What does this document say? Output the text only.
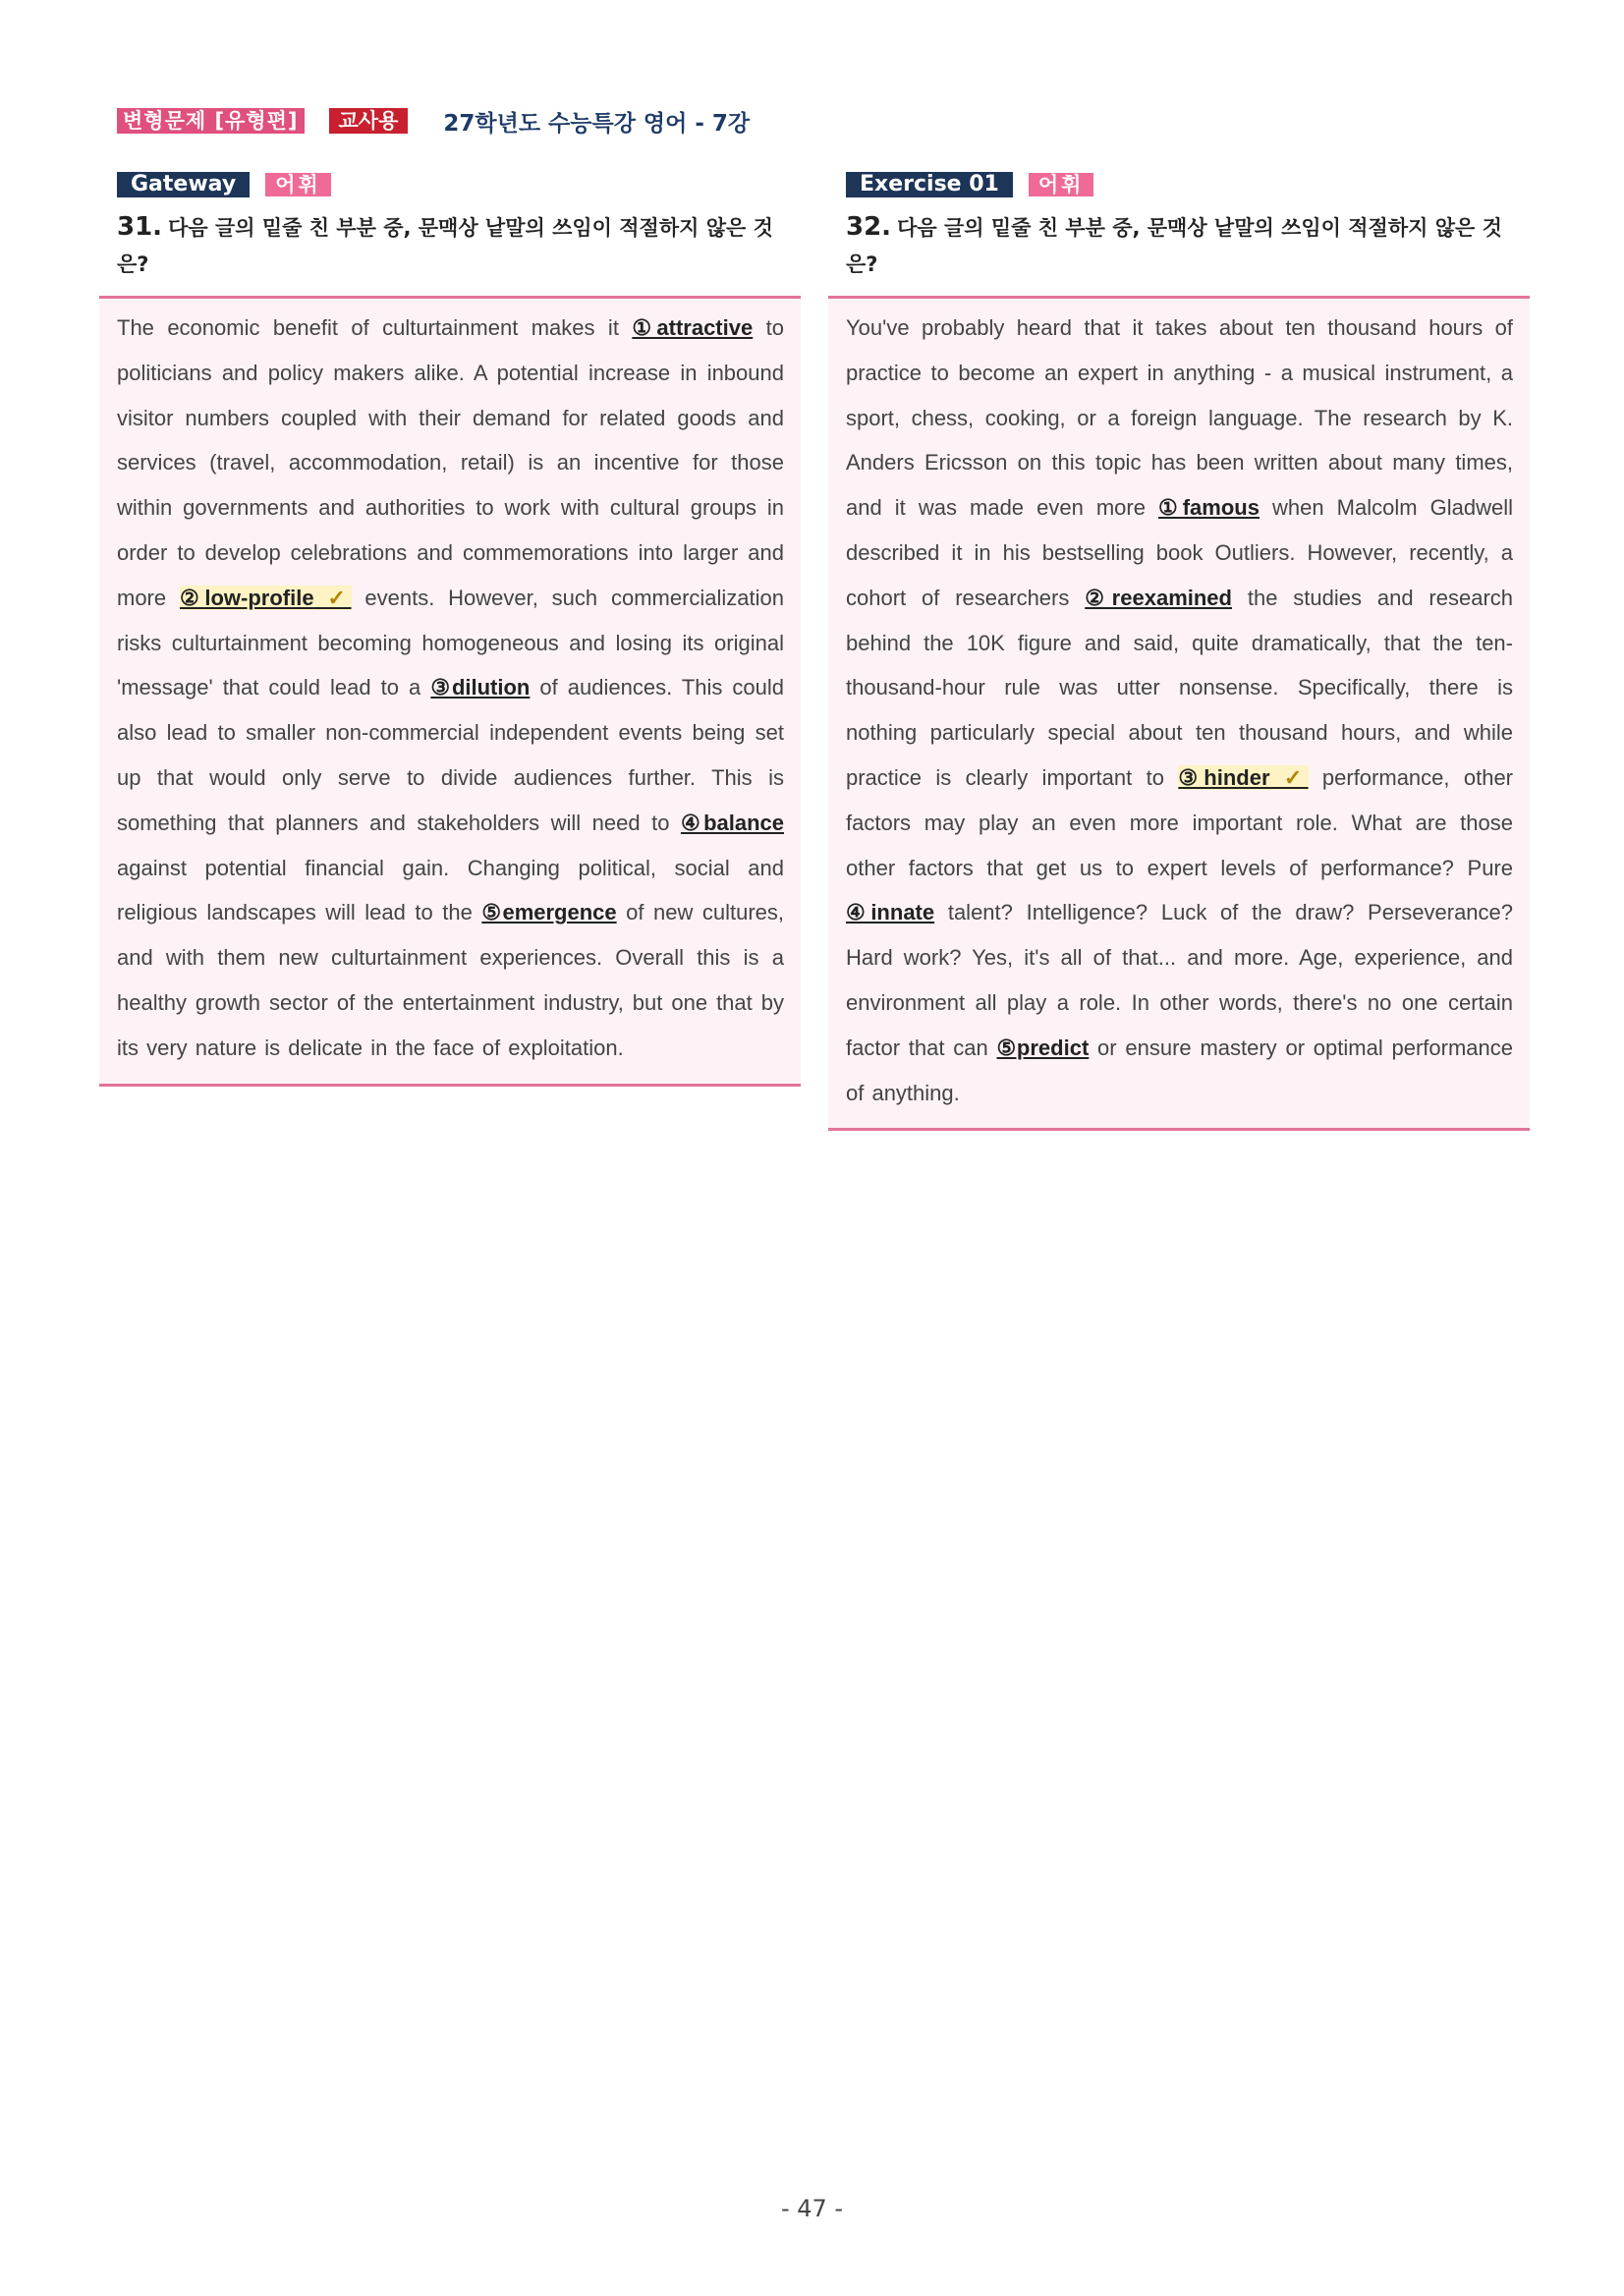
변형문제 [유형편]	교사용	27학년도 수능특강 영어 - 7강
Gateway	어휘
31. 다음 글의 밑줄 친 부분 중, 문맥상 낱말의 쓰임이 적절하지 않은 것은?
The economic benefit of culturtainment makes it ①attractive to politicians and policy makers alike. A potential increase in inbound visitor numbers coupled with their demand for related goods and services (travel, accommodation, retail) is an incentive for those within governments and authorities to work with cultural groups in order to develop celebrations and commemorations into larger and more ②low-profile ✓ events. However, such commercialization risks culturtainment becoming homogeneous and losing its original 'message' that could lead to a ③dilution of audiences. This could also lead to smaller non-commercial independent events being set up that would only serve to divide audiences further. This is something that planners and stakeholders will need to ④balance against potential financial gain. Changing political, social and religious landscapes will lead to the ⑤emergence of new cultures, and with them new culturtainment experiences. Overall this is a healthy growth sector of the entertainment industry, but one that by its very nature is delicate in the face of exploitation.
Exercise 01	어휘
32. 다음 글의 밑줄 친 부분 중, 문맥상 낱말의 쓰임이 적절하지 않은 것은?
You've probably heard that it takes about ten thousand hours of practice to become an expert in anything - a musical instrument, a sport, chess, cooking, or a foreign language. The research by K. Anders Ericsson on this topic has been written about many times, and it was made even more ①famous when Malcolm Gladwell described it in his bestselling book Outliers. However, recently, a cohort of researchers ②reexamined the studies and research behind the 10K figure and said, quite dramatically, that the ten-thousand-hour rule was utter nonsense. Specifically, there is nothing particularly special about ten thousand hours, and while practice is clearly important to ③hinder ✓ performance, other factors may play an even more important role. What are those other factors that get us to expert levels of performance? Pure ④innate talent? Intelligence? Luck of the draw? Perseverance? Hard work? Yes, it's all of that... and more. Age, experience, and environment all play a role. In other words, there's no one certain factor that can ⑤predict or ensure mastery or optimal performance of anything.
- 47 -
